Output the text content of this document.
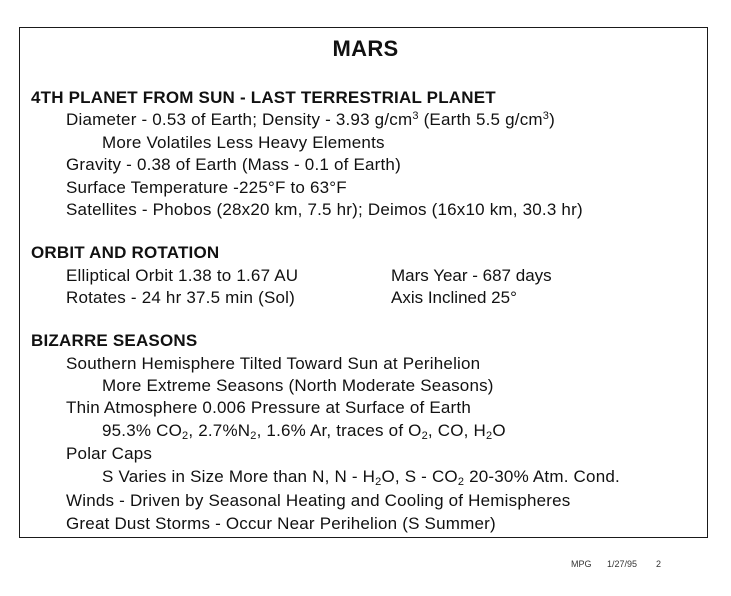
MARS
4TH PLANET FROM SUN - LAST TERRESTRIAL PLANET
Diameter - 0.53 of Earth; Density - 3.93 $g/cm^3$ (Earth 5.5 $g/cm^3$)
More Volatiles Less Heavy Elements
Gravity - 0.38 of Earth (Mass - 0.1 of Earth)
Surface Temperature -225°F to 63°F
Satellites - Phobos (28x20 km, 7.5 hr); Deimos (16x10 km, 30.3 hr)
ORBIT AND ROTATION
Elliptical Orbit 1.38 to 1.67 AU	Mars Year - 687 days
Rotates - 24 hr 37.5 min (Sol)	Axis Inclined 25°
BIZARRE SEASONS
Southern Hemisphere Tilted Toward Sun at Perihelion
More Extreme Seasons (North Moderate Seasons)
Thin Atmosphere 0.006 Pressure at Surface of Earth
95.3% $CO_2$, $2.7\%N_2$, 1.6% Ar, traces of $O_2$, CO, $H_2O$
Polar Caps
S Varies in Size More than N, N - $H_2O$, S - $CO_2$ 20-30% Atm. Cond.
Winds - Driven by Seasonal Heating and Cooling of Hemispheres
Great Dust Storms - Occur Near Perihelion (S Summer)
MPG 1/27/95 2
